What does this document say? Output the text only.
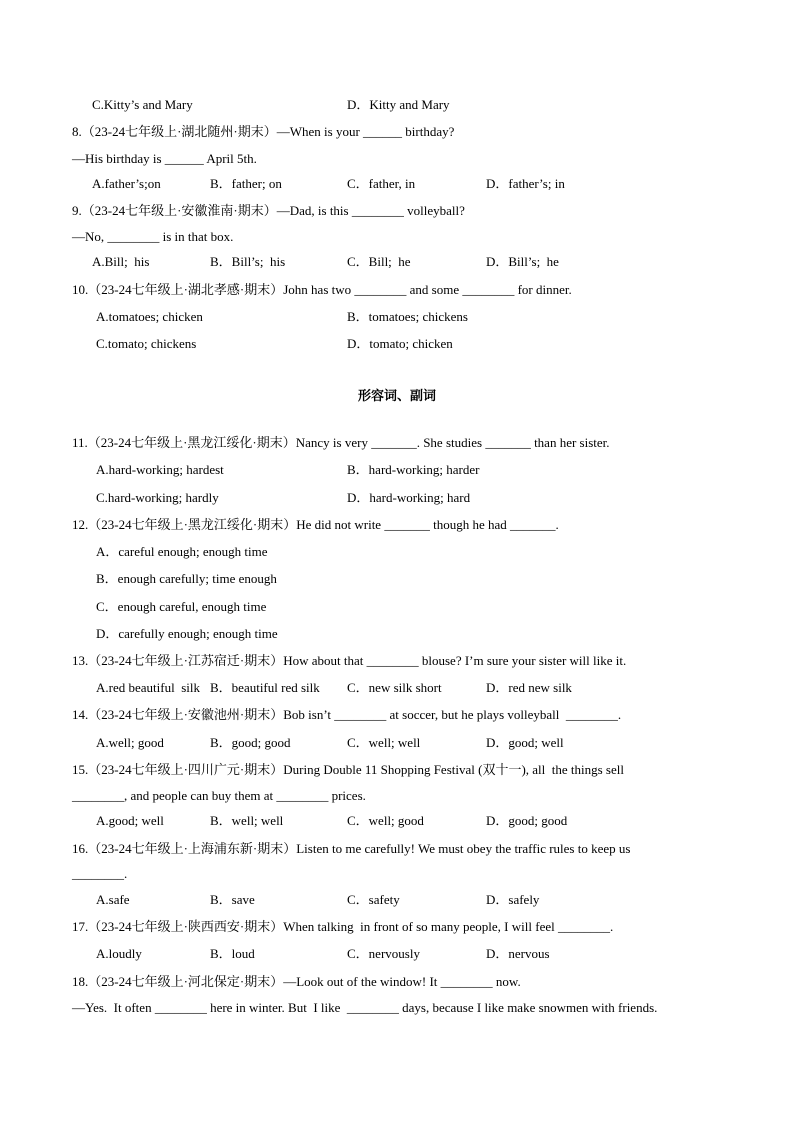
C.Kitty’s and Mary	D．Kitty and Mary
8.（23-24七年级上·湖北随州·期末）—When is your ______ birthday?
—His birthday is ______ April 5th.
A.father’s;on	B．father; on	C．father, in	D．father’s; in
9.（23-24七年级上·安徽淮南·期末）—Dad, is this ________ volleyball?
—No, ________ is in that box.
A.Bill;  his	B．Bill’s;  his	C．Bill;  he	D．Bill’s;  he
10.（23-24七年级上·湖北孝感·期末）John has two ________ and some ________ for dinner.
A.tomatoes; chicken	B．tomatoes; chickens
C.tomato; chickens	D．tomato; chicken
形容词、副词
11.（23-24七年级上·黑龙江绥化·期末）Nancy is very _______. She studies _______ than her sister.
A.hard-working; hardest	B．hard-working; harder
C.hard-working; hardly	D．hard-working; hard
12.（23-24七年级上·黑龙江绥化·期末）He did not write _______ though he had _______.
A．careful enough; enough time
B．enough carefully; time enough
C．enough careful, enough time
D．carefully enough; enough time
13.（23-24七年级上·江苏宿迁·期末）How about that ________ blouse? I’m sure your sister will like it.
A.red beautiful  silk B．beautiful red silk C．new silk short	D．red new silk
14.（23-24七年级上·安徽池州·期末）Bob isn’t ________ at soccer, but he plays volleyball  ________.
A.well; good	B．good; good	C．well; well	D．good; well
15.（23-24七年级上·四川广元·期末）During Double 11 Shopping Festival (双十一), all  the things sell
________, and people can buy them at ________ prices.
A.good; well	B．well; well	C．well; good	D．good; good
16.（23-24七年级上·上海浦东新·期末）Listen to me carefully! We must obey the traffic rules to keep us
________.
A.safe	B．save	C．safety	D．safely
17.（23-24七年级上·陕西西安·期末）When talking  in front of so many people, I will feel ________.
A.loudly	B．loud	C．nervously	D．nervous
18.（23-24七年级上·河北保定·期末）—Look out of the window! It ________ now.
—Yes.  It often ________ here in winter. But  I like  ________ days, because I like make snowmen with friends.
